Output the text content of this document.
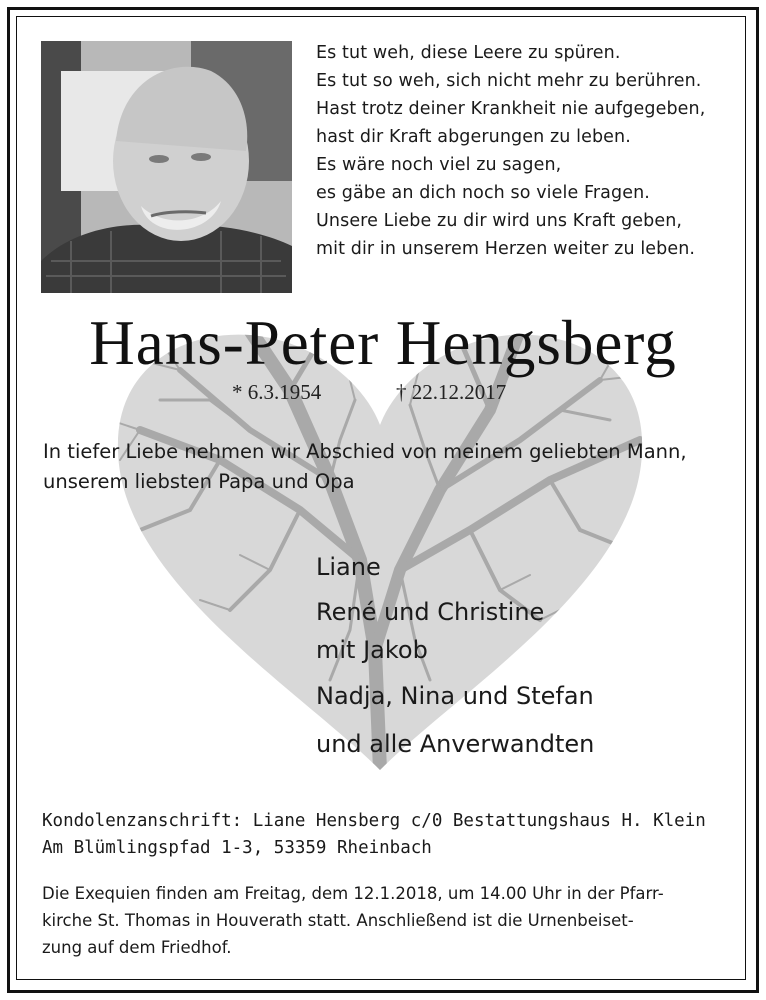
Es tut weh, diese Leere zu spüren.
Es tut so weh, sich nicht mehr zu berühren.
Hast trotz deiner Krankheit nie aufgegeben,
hast dir Kraft abgerungen zu leben.
Es wäre noch viel zu sagen,
es gäbe an dich noch so viele Fragen.
Unsere Liebe zu dir wird uns Kraft geben,
mit dir in unserem Herzen weiter zu leben.
Hans-Peter Hengsberg
* 6.3.1954	† 22.12.2017
In tiefer Liebe nehmen wir Abschied von meinem geliebten Mann,
unserem liebsten Papa und Opa
Liane
René und Christine
mit Jakob
Nadja, Nina und Stefan
und alle Anverwandten
Kondolenzanschrift: Liane Hensberg c/0 Bestattungshaus H. Klein
Am Blümlingspfad 1-3, 53359 Rheinbach
Die Exequien finden am Freitag, dem 12.1.2018, um 14.00 Uhr in der Pfarr-
kirche St. Thomas in Houverath statt. Anschließend ist die Urnenbeiset-
zung auf dem Friedhof.
